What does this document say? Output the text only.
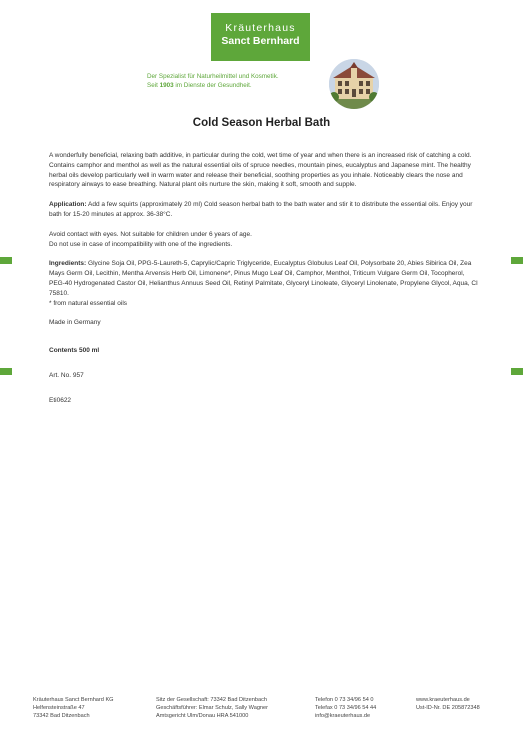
Kräuterhaus
Sanct Bernhard
Der Spezialist für Naturheilmittel und Kosmetik.
Seit 1903 im Dienste der Gesundheit.
Cold Season Herbal Bath

A wonderfully beneficial, relaxing bath additive, in particular during the cold, wet time of year and when there is an increased risk of catching a cold. Contains camphor and menthol as well as the natural essential oils of spruce needles, mountain pines, eucalyptus and Japanese mint. The healthy herbal oils develop particularly well in warm water and release their beneficial, soothing properties as you inhale. Noticeably clears the nose and respiratory airways to ease breathing. Natural plant oils nurture the skin, making it soft, smooth and supple.

Application: Add a few squirts (approximately 20 ml) Cold season herbal bath to the bath water and stir it to distribute the essential oils. Enjoy your bath for 15-20 minutes at approx. 36-38°C.

Avoid contact with eyes. Not suitable for children under 6 years of age.

Do not use in case of incompatibility with one of the ingredients.

Ingredients: Glycine Soja Oil, PPG-5-Laureth-5, Caprylic/Capric Triglyceride, Eucalyptus Globulus Leaf Oil, Polysorbate 20, Abies Sibirica Oil, Zea Mays Germ Oil, Lecithin, Mentha Arvensis Herb Oil, Limonene*, Pinus Mugo Leaf Oil, Camphor, Menthol, Triticum Vulgare Germ Oil, Tocopherol, PEG-40 Hydrogenated Castor Oil, Helianthus Annuus Seed Oil, Retinyl Palmitate, Glyceryl Linoleate, Glyceryl Linolenate, Propylene Glycol, Aqua, CI 75810.

* from natural essential oils

Made in Germany

Contents 500 ml

Art. No. 957

Eti0622

Kräuterhaus Sanct Bernhard KG
Helfensteinstraße 47
73342 Bad Ditzenbach
Sitz der Gesellschaft: 73342 Bad Ditzenbach
Geschäftsführer: Elmar Schulz, Sally Wagner
Amtsgericht Ulm/Donau HRA 541000
Telefon 0 73 34/96 54 0
Telefax 0 73 34/96 54 44
info@kraeuterhaus.de
www.kraeuterhaus.de
Ust-ID-Nr. DE 205872348
